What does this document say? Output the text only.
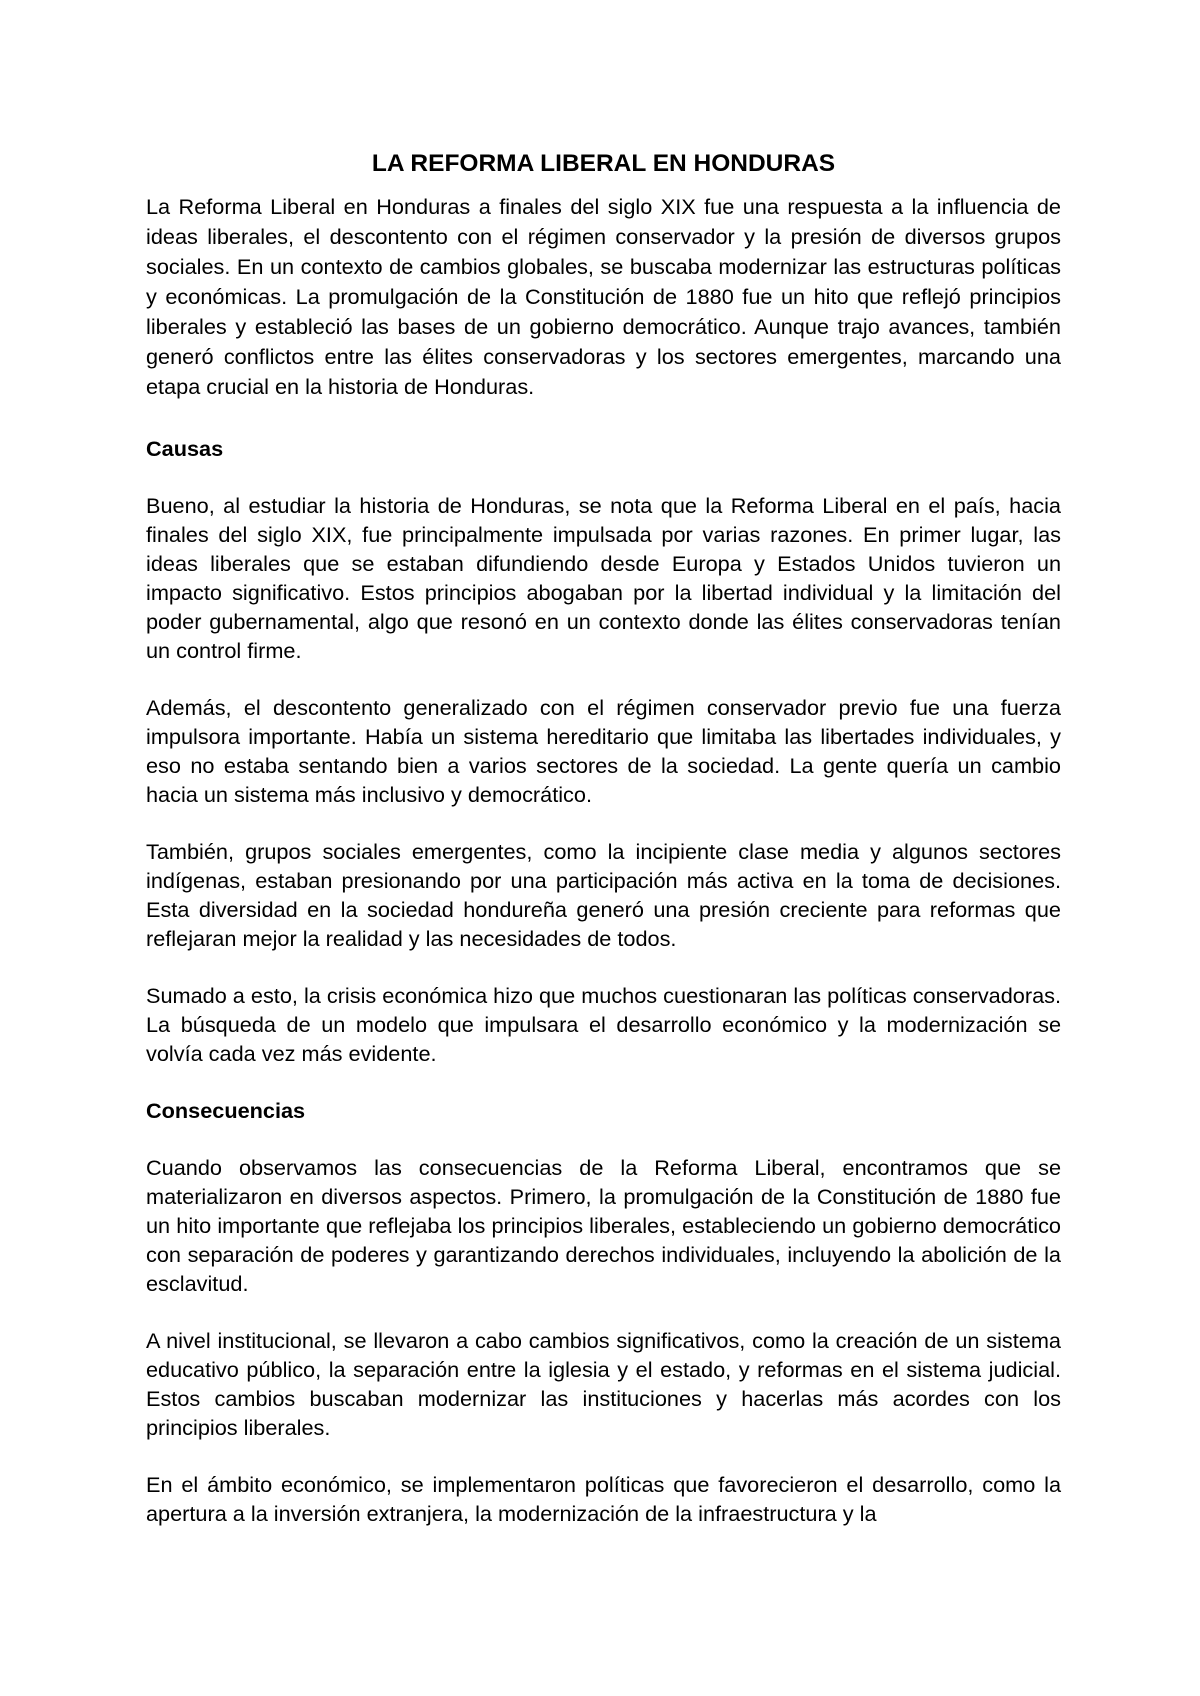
LA REFORMA LIBERAL EN HONDURAS

La Reforma Liberal en Honduras a finales del siglo XIX fue una respuesta a la influencia de ideas liberales, el descontento con el régimen conservador y la presión de diversos grupos sociales. En un contexto de cambios globales, se buscaba modernizar las estructuras políticas y económicas. La promulgación de la Constitución de 1880 fue un hito que reflejó principios liberales y estableció las bases de un gobierno democrático. Aunque trajo avances, también generó conflictos entre las élites conservadoras y los sectores emergentes, marcando una etapa crucial en la historia de Honduras.

Causas

Bueno, al estudiar la historia de Honduras, se nota que la Reforma Liberal en el país, hacia finales del siglo XIX, fue principalmente impulsada por varias razones. En primer lugar, las ideas liberales que se estaban difundiendo desde Europa y Estados Unidos tuvieron un impacto significativo. Estos principios abogaban por la libertad individual y la limitación del poder gubernamental, algo que resonó en un contexto donde las élites conservadoras tenían un control firme.

Además, el descontento generalizado con el régimen conservador previo fue una fuerza impulsora importante. Había un sistema hereditario que limitaba las libertades individuales, y eso no estaba sentando bien a varios sectores de la sociedad. La gente quería un cambio hacia un sistema más inclusivo y democrático.

También, grupos sociales emergentes, como la incipiente clase media y algunos sectores indígenas, estaban presionando por una participación más activa en la toma de decisiones. Esta diversidad en la sociedad hondureña generó una presión creciente para reformas que reflejaran mejor la realidad y las necesidades de todos.

Sumado a esto, la crisis económica hizo que muchos cuestionaran las políticas conservadoras. La búsqueda de un modelo que impulsara el desarrollo económico y la modernización se volvía cada vez más evidente.

Consecuencias

Cuando observamos las consecuencias de la Reforma Liberal, encontramos que se materializaron en diversos aspectos. Primero, la promulgación de la Constitución de 1880 fue un hito importante que reflejaba los principios liberales, estableciendo un gobierno democrático con separación de poderes y garantizando derechos individuales, incluyendo la abolición de la esclavitud.

A nivel institucional, se llevaron a cabo cambios significativos, como la creación de un sistema educativo público, la separación entre la iglesia y el estado, y reformas en el sistema judicial. Estos cambios buscaban modernizar las instituciones y hacerlas más acordes con los principios liberales.

En el ámbito económico, se implementaron políticas que favorecieron el desarrollo, como la apertura a la inversión extranjera, la modernización de la infraestructura y la
